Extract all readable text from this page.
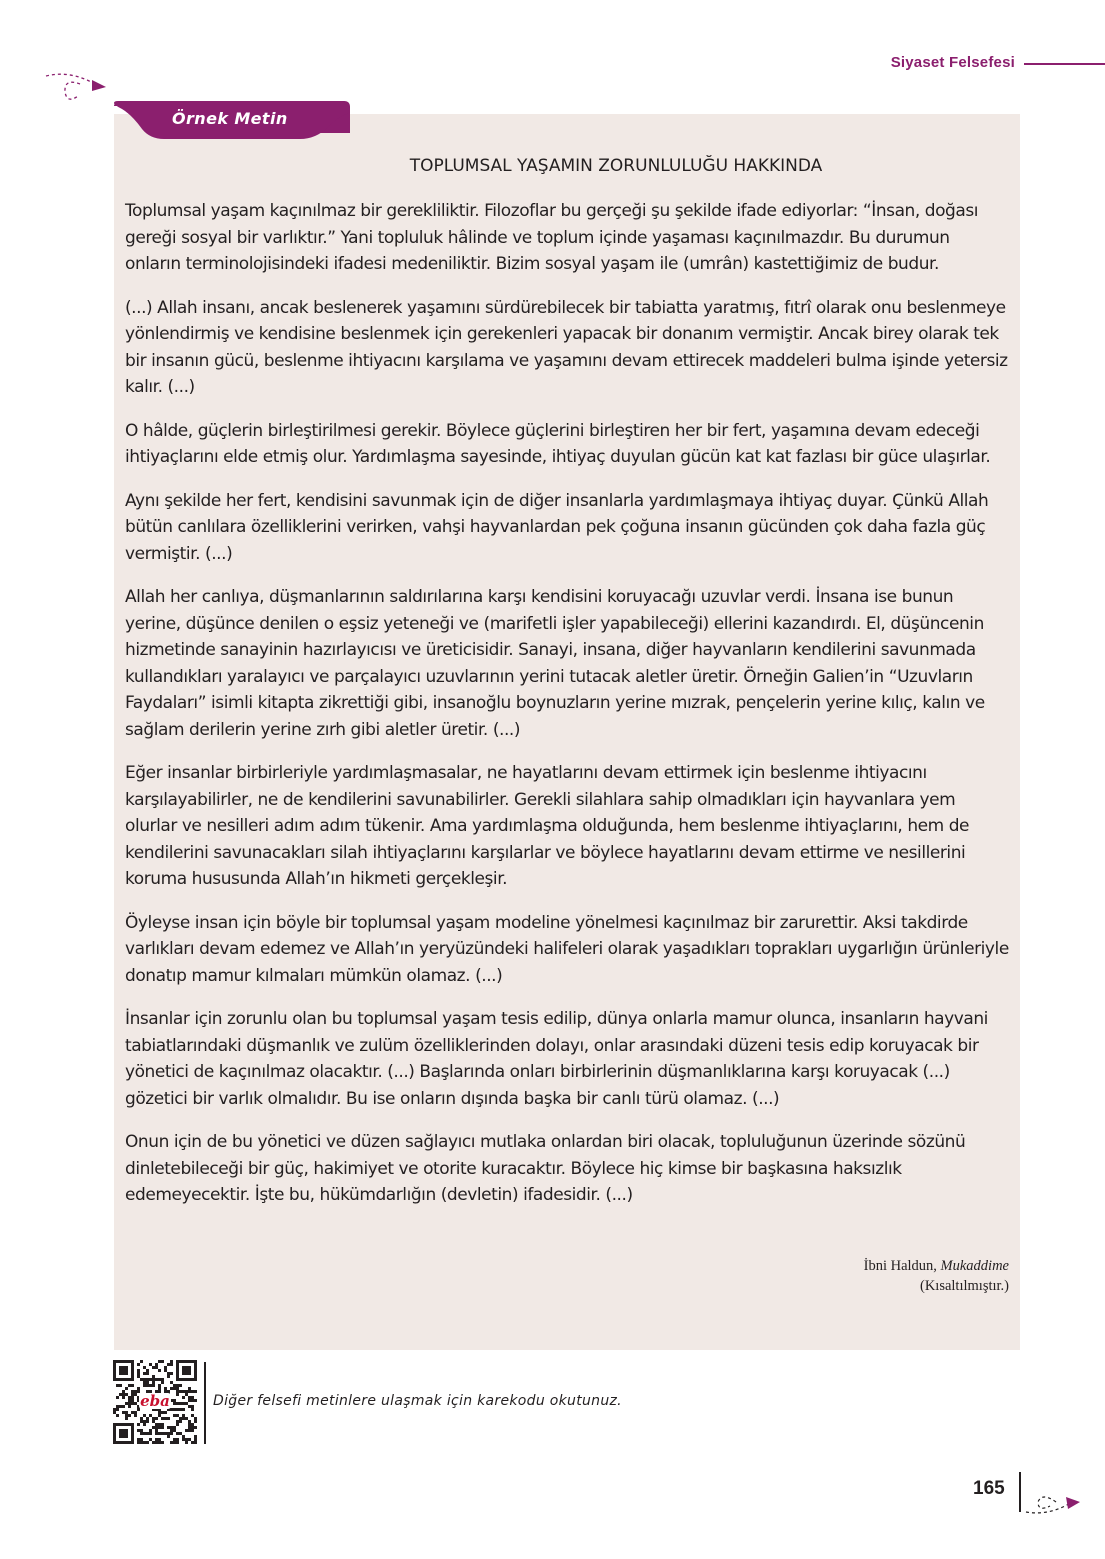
Siyaset Felsefesi
Örnek Metin
TOPLUMSAL YAŞAMIN ZORUNLULUĞU HAKKINDA

Toplumsal yaşam kaçınılmaz bir gerekliliktir. Filozoflar bu gerçeği şu şekilde ifade ediyorlar: “İnsan, doğası gereği sosyal bir varlıktır.” Yani topluluk hâlinde ve toplum içinde yaşaması kaçınılmazdır. Bu durumun onların terminolojisindeki ifadesi medeniliktir. Bizim sosyal yaşam ile (umrân) kastettiğimiz de budur.

(...) Allah insanı, ancak beslenerek yaşamını sürdürebilecek bir tabiatta yaratmış, fıtrî olarak onu beslenmeye yönlendirmiş ve kendisine beslenmek için gerekenleri yapacak bir donanım vermiştir. Ancak birey olarak tek bir insanın gücü, beslenme ihtiyacını karşılama ve yaşamını devam ettirecek maddeleri bulma işinde yetersiz kalır. (...)

O hâlde, güçlerin birleştirilmesi gerekir. Böylece güçlerini birleştiren her bir fert, yaşamına devam edeceği ihtiyaçlarını elde etmiş olur. Yardımlaşma sayesinde, ihtiyaç duyulan gücün kat kat fazlası bir güce ulaşırlar.

Aynı şekilde her fert, kendisini savunmak için de diğer insanlarla yardımlaşmaya ihtiyaç duyar. Çünkü Allah bütün canlılara özelliklerini verirken, vahşi hayvanlardan pek çoğuna insanın gücünden çok daha fazla güç vermiştir. (...)

Allah her canlıya, düşmanlarının saldırılarına karşı kendisini koruyacağı uzuvlar verdi. İnsana ise bunun yerine, düşünce denilen o eşsiz yeteneği ve (marifetli işler yapabileceği) ellerini kazandırdı. El, düşüncenin hizmetinde sanayinin hazırlayıcısı ve üreticisidir. Sanayi, insana, diğer hayvanların kendilerini savunmada kullandıkları yaralayıcı ve parçalayıcı uzuvlarının yerini tutacak aletler üretir. Örneğin Galien’in “Uzuvların Faydaları” isimli kitapta zikrettiği gibi, insanoğlu boynuzların yerine mızrak, pençelerin yerine kılıç, kalın ve sağlam derilerin yerine zırh gibi aletler üretir. (...)

Eğer insanlar birbirleriyle yardımlaşmasalar, ne hayatlarını devam ettirmek için beslenme ihtiyacını karşılayabilirler, ne de kendilerini savunabilirler. Gerekli silahlara sahip olmadıkları için hayvanlara yem olurlar ve nesilleri adım adım tükenir. Ama yardımlaşma olduğunda, hem beslenme ihtiyaçlarını, hem de kendilerini savunacakları silah ihtiyaçlarını karşılarlar ve böylece hayatlarını devam ettirme ve nesillerini koruma hususunda Allah’ın hikmeti gerçekleşir.

Öyleyse insan için böyle bir toplumsal yaşam modeline yönelmesi kaçınılmaz bir zarurettir. Aksi takdirde varlıkları devam edemez ve Allah’ın yeryüzündeki halifeleri olarak yaşadıkları toprakları uygarlığın ürünleriyle donatıp mamur kılmaları mümkün olamaz. (...)

İnsanlar için zorunlu olan bu toplumsal yaşam tesis edilip, dünya onlarla mamur olunca, insanların hayvani tabiatlarındaki düşmanlık ve zulüm özelliklerinden dolayı, onlar arasındaki düzeni tesis edip koruyacak bir yönetici de kaçınılmaz olacaktır. (...) Başlarında onları birbirlerinin düşmanlıklarına karşı koruyacak (...) gözetici bir varlık olmalıdır. Bu ise onların dışında başka bir canlı türü olamaz. (...)

Onun için de bu yönetici ve düzen sağlayıcı mutlaka onlardan biri olacak, topluluğunun üzerinde sözünü dinletebileceği bir güç, hakimiyet ve otorite kuracaktır. Böylece hiç kimse bir başkasına haksızlık edemeyecektir. İşte bu, hükümdarlığın (devletin) ifadesidir. (...)

İbni Haldun, Mukaddime
(Kısaltılmıştır.)
eba	Diğer felsefi metinlere ulaşmak için karekodu okutunuz.
165
